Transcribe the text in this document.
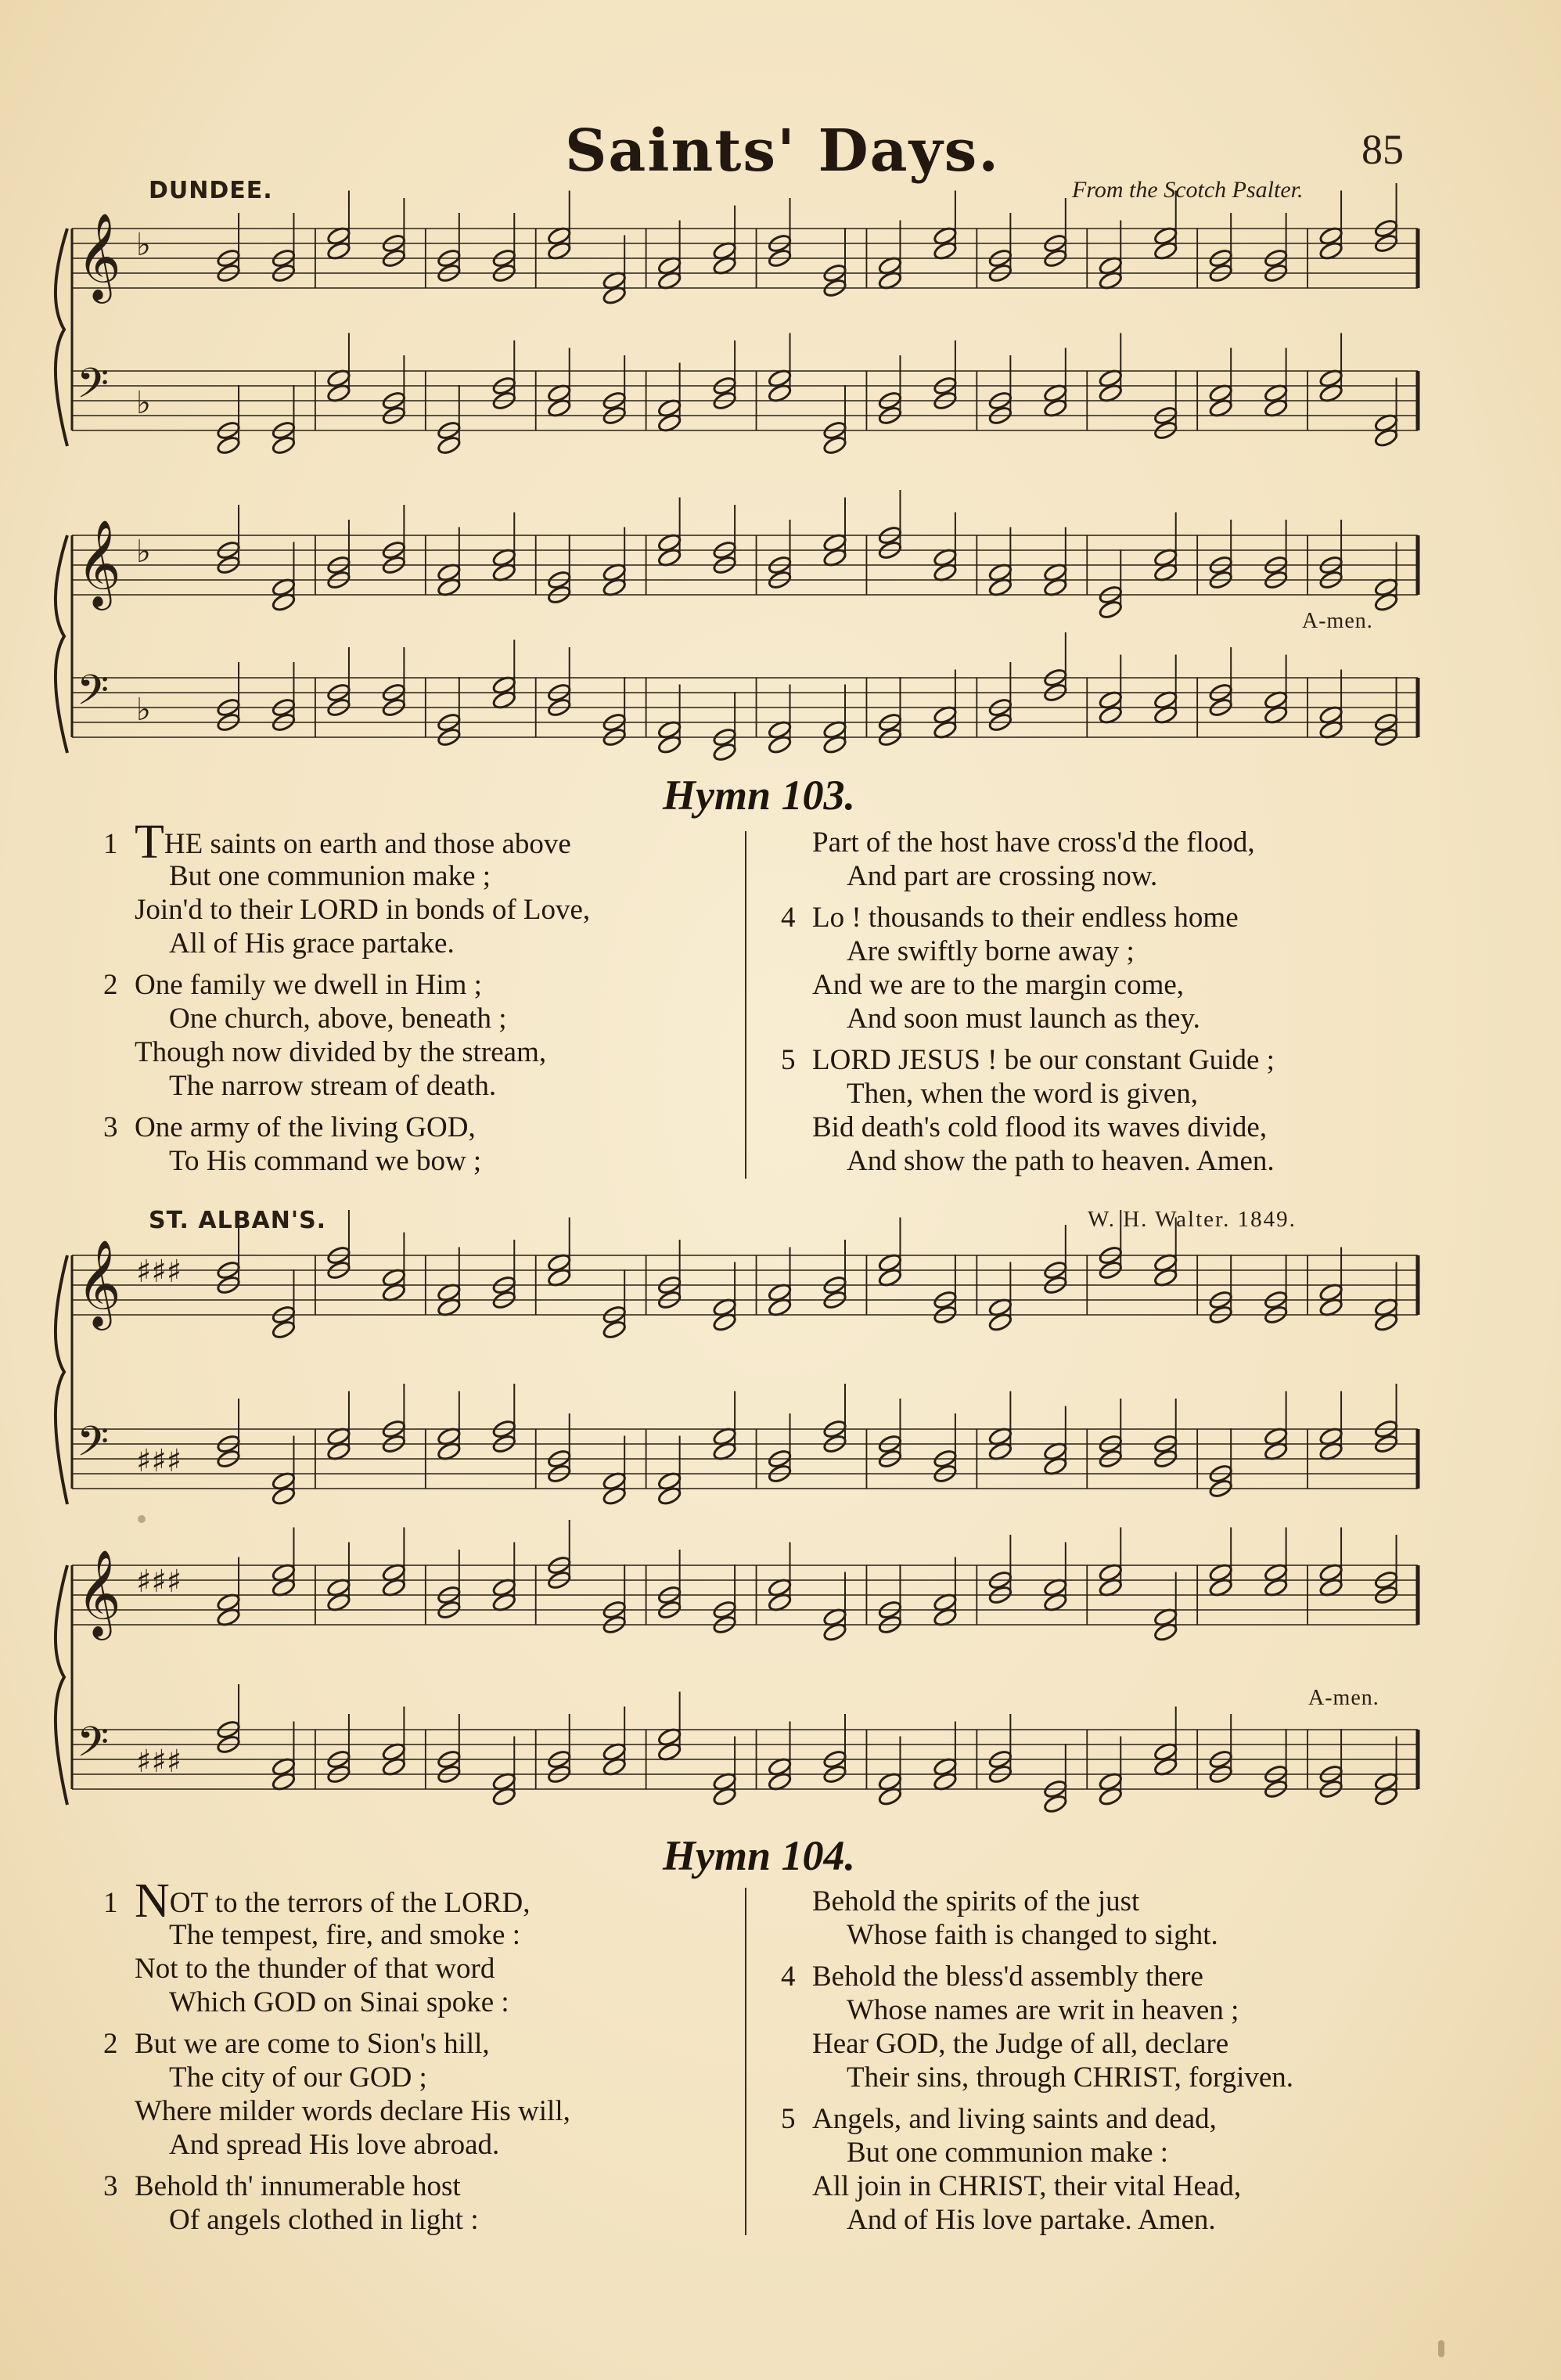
Saints' Days.	85
DUNDEE.	From the Scotch Psalter.
A-men.
Hymn 103.
1 THE saints on earth and those above
But one communion make ;
Join'd to their LORD in bonds of Love,
All of His grace partake.
2 One family we dwell in Him ;
One church, above, beneath ;
Though now divided by the stream,
The narrow stream of death.
3 One army of the living GOD,
To His command we bow ;
Part of the host have cross'd the flood,
And part are crossing now.
4 Lo ! thousands to their endless home
Are swiftly borne away ;
And we are to the margin come,
And soon must launch as they.
5 LORD JESUS ! be our constant Guide ;
Then, when the word is given,
Bid death's cold flood its waves divide,
And show the path to heaven. Amen.
ST. ALBAN'S.	W. H. Walter. 1849.
A-men.
Hymn 104.
1 NOT to the terrors of the LORD,
The tempest, fire, and smoke :
Not to the thunder of that word
Which GOD on Sinai spoke :
2 But we are come to Sion's hill,
The city of our GOD ;
Where milder words declare His will,
And spread His love abroad.
3 Behold th' innumerable host
Of angels clothed in light :
Behold the spirits of the just
Whose faith is changed to sight.
4 Behold the bless'd assembly there
Whose names are writ in heaven ;
Hear GOD, the Judge of all, declare
Their sins, through CHRIST, forgiven.
5 Angels, and living saints and dead,
But one communion make :
All join in CHRIST, their vital Head,
And of His love partake. Amen.
𝄞 ♭
𝄢 ♭
𝄞 ♭
𝄢 ♭
𝄞 ♯♯♯
𝄢 ♯♯♯
𝄞 ♯♯♯
𝄢 ♯♯♯
